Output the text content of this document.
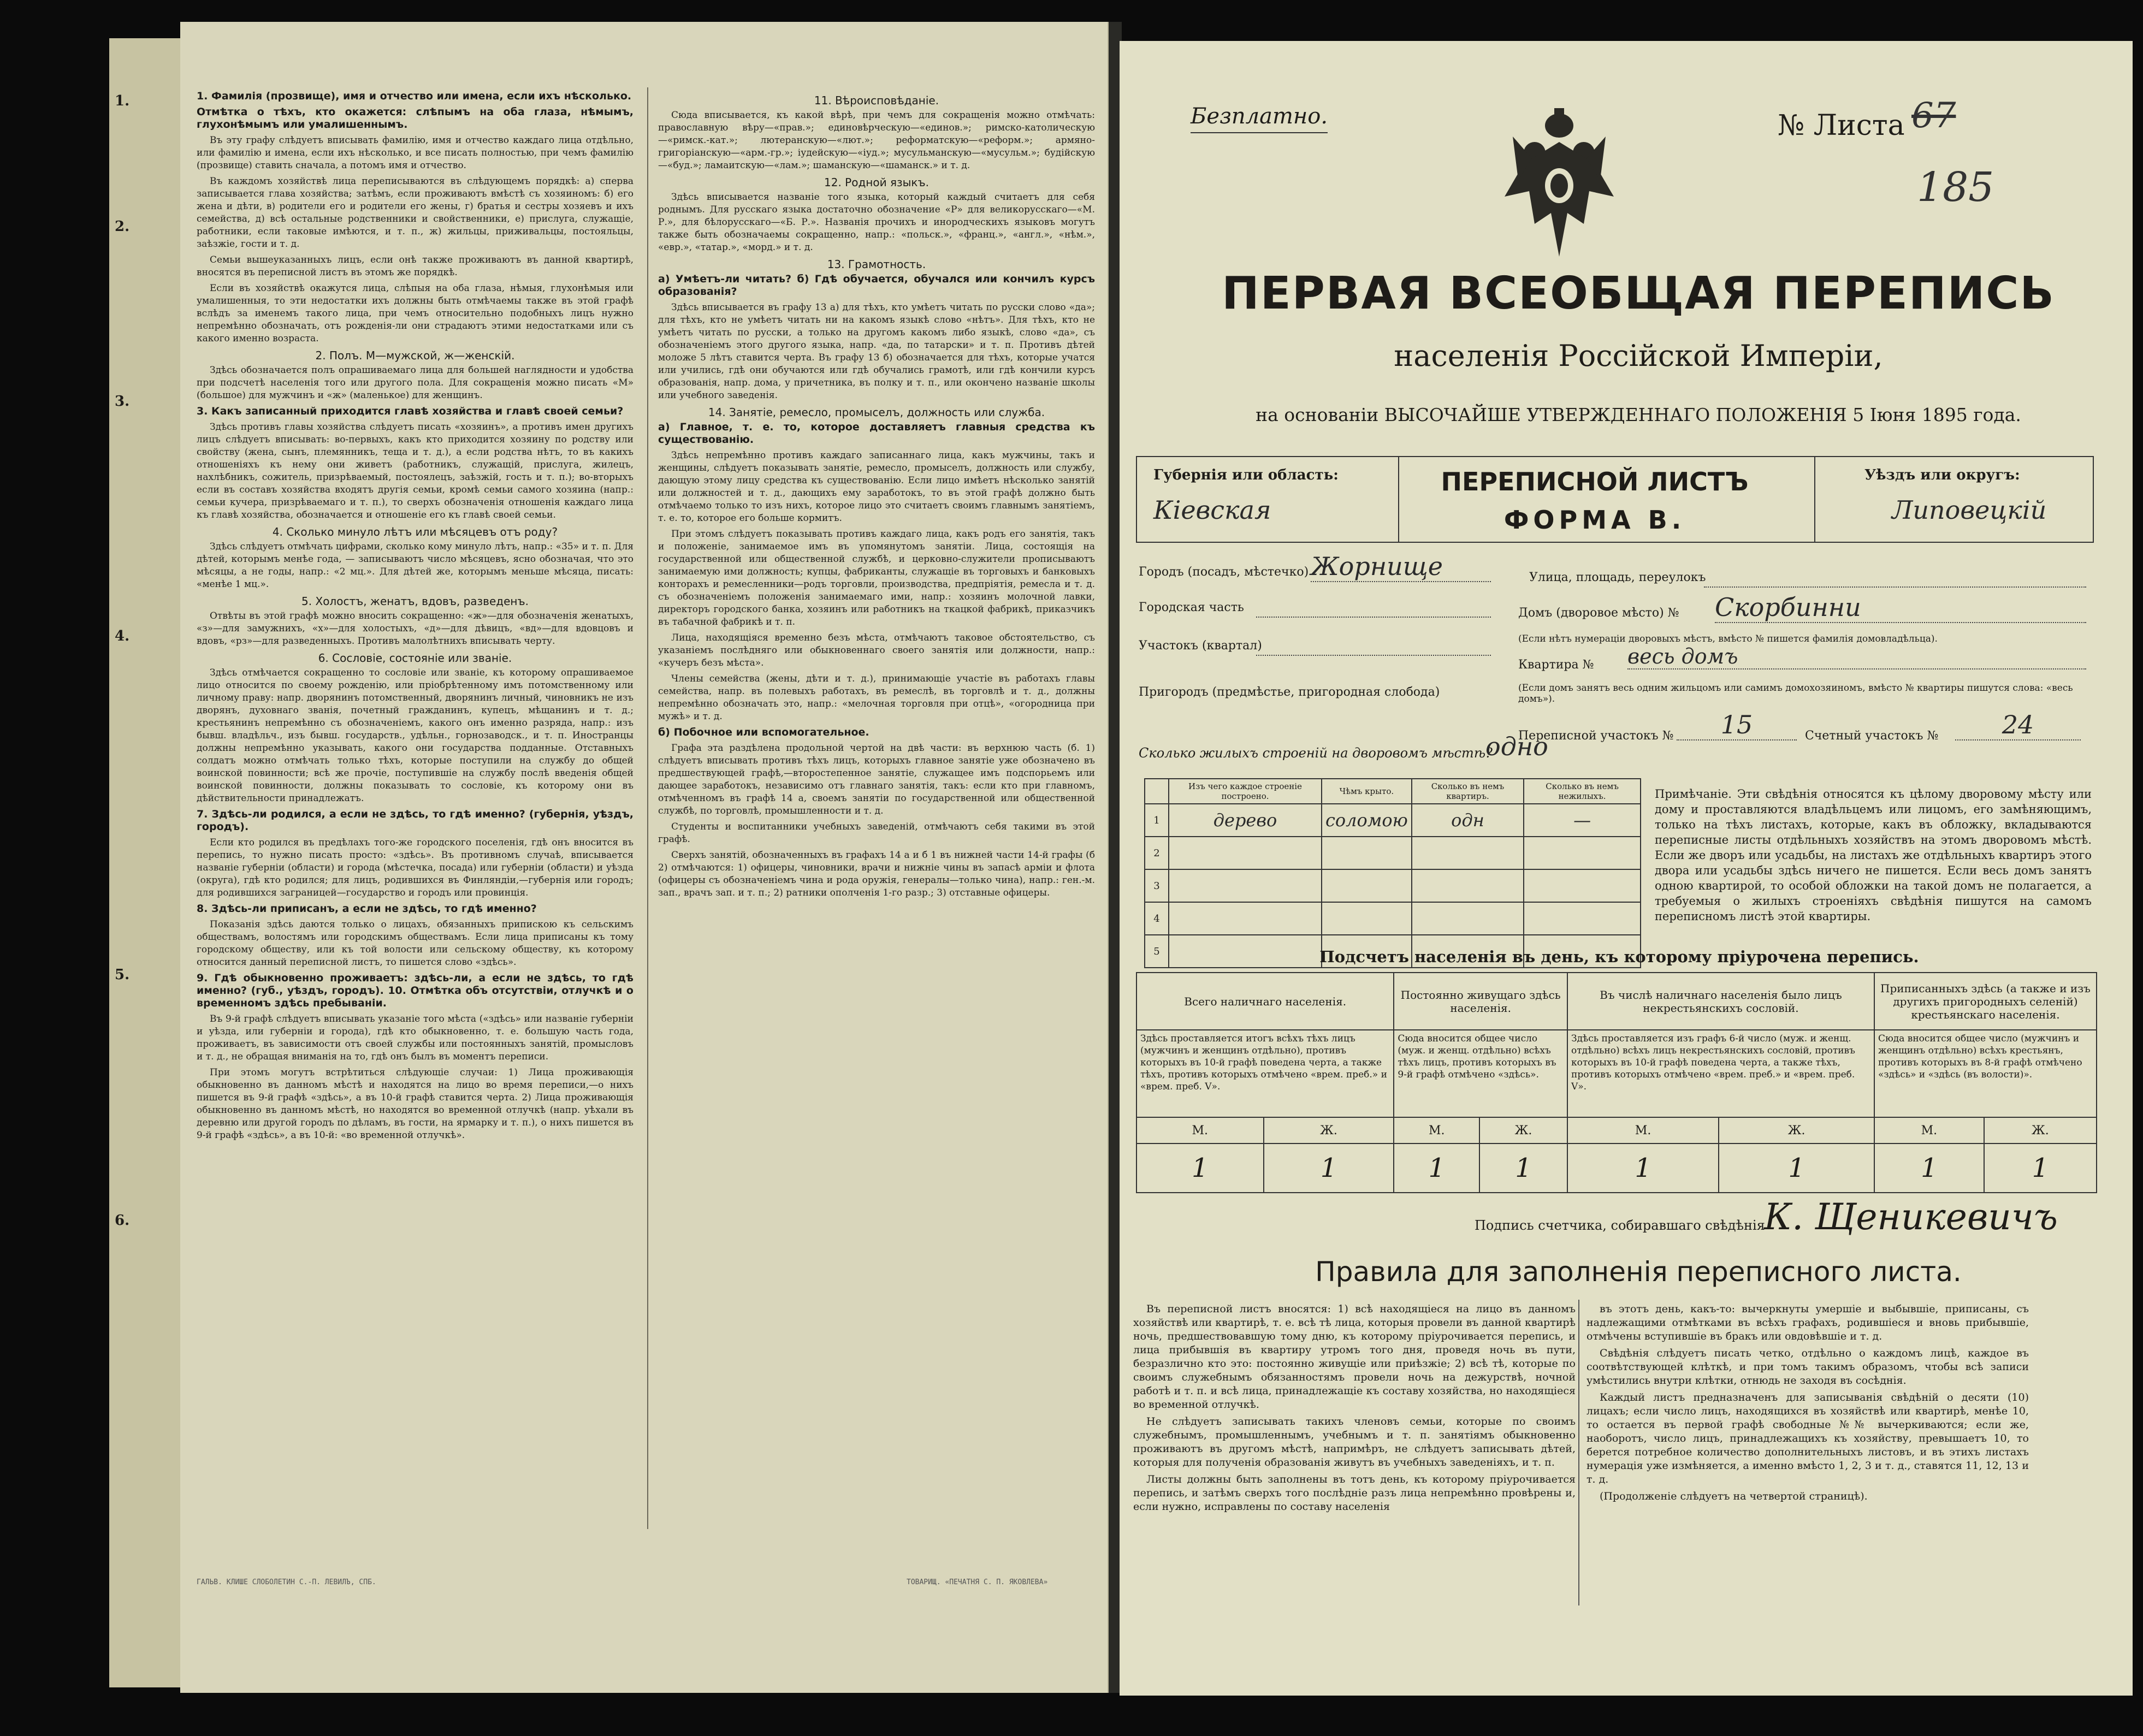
1.
2.
3.
4.
5.
6.

1. Фамилія (прозвище), имя и отчество или имена, если ихъ нѣсколько.

Отмѣтка о тѣхъ, кто окажется: слѣпымъ на оба глаза, нѣмымъ, глухонѣмымъ или умалишеннымъ.

Въ эту графу слѣдуетъ вписывать фамилію, имя и отчество каждаго лица отдѣльно, или фамилію и имена, если ихъ нѣсколько, и все писать полностью, при чемъ фамилію (прозвище) ставить сначала, а потомъ имя и отчество.

Въ каждомъ хозяйствѣ лица переписываются въ слѣдующемъ порядкѣ: а) сперва записывается глава хозяйства; затѣмъ, если проживаютъ вмѣстѣ съ хозяиномъ: б) его жена и дѣти, в) родители его и родители его жены, г) братья и сестры хозяевъ и ихъ семейства, д) всѣ остальные родственники и свойственники, е) прислуга, служащіе, работники, если таковые имѣются, и т. п., ж) жильцы, приживальцы, постояльцы, заѣзжіе, гости и т. д.

Семьи вышеуказанныхъ лицъ, если онѣ также проживаютъ въ данной квартирѣ, вносятся въ переписной листъ въ этомъ же порядкѣ.

Если въ хозяйствѣ окажутся лица, слѣпыя на оба глаза, нѣмыя, глухонѣмыя или умалишенныя, то эти недостатки ихъ должны быть отмѣчаемы также въ этой графѣ вслѣдъ за именемъ такого лица, при чемъ относительно подобныхъ лицъ нужно непремѣнно обозначать, отъ рожденія-ли они страдаютъ этими недостатками или съ какого именно возраста.

2. Полъ. М—мужской, ж—женскій.

Здѣсь обозначается полъ опрашиваемаго лица для большей наглядности и удобства при подсчетѣ населенія того или другого пола. Для сокращенія можно писать «М» (большое) для мужчинъ и «ж» (маленькое) для женщинъ.

3. Какъ записанный приходится главѣ хозяйства и главѣ своей семьи?

Здѣсь противъ главы хозяйства слѣдуетъ писать «хозяинъ», а противъ имен другихъ лицъ слѣдуетъ вписывать: во-первыхъ, какъ кто приходится хозяину по родству или свойству (жена, сынъ, племянникъ, теща и т. д.), а если родства нѣтъ, то въ какихъ отношеніяхъ къ нему они живетъ (работникъ, служащій, прислуга, жилецъ, нахлѣбникъ, сожитель, призрѣваемый, постоялецъ, заѣзжій, гость и т. п.); во-вторыхъ если въ составъ хозяйства входятъ другія семьи, кромѣ семьи самого хозяина (напр.: семьи кучера, призрѣваемаго и т. п.), то сверхъ обозначенія отношенія каждаго лица къ главѣ хозяйства, обозначается и отношеніе его къ главѣ своей семьи.

4. Сколько минуло лѣтъ или мѣсяцевъ отъ роду?

Здѣсь слѣдуетъ отмѣчать цифрами, сколько кому минуло лѣтъ, напр.: «35» и т. п. Для дѣтей, которымъ менѣе года, — записываютъ число мѣсяцевъ, ясно обозначая, что это мѣсяцы, а не годы, напр.: «2 мц.». Для дѣтей же, которымъ меньше мѣсяца, писать: «менѣе 1 мц.».

5. Холостъ, женатъ, вдовъ, разведенъ.

Отвѣты въ этой графѣ можно вносить сокращенно: «ж»—для обозначенія женатыхъ, «з»—для замужнихъ, «х»—для холостыхъ, «д»—для дѣвицъ, «вд»—для вдовцовъ и вдовъ, «рз»—для разведенныхъ. Противъ малолѣтнихъ вписывать черту.

6. Сословіе, состояніе или званіе.

Здѣсь отмѣчается сокращенно то сословіе или званіе, къ которому опрашиваемое лицо относится по своему рожденію, или пріобрѣтенному имъ потомственному или личному праву: напр. дворянинъ потомственный, дворянинъ личный, чиновникъ не изъ дворянъ, духовнаго званія, почетный гражданинъ, купецъ, мѣщанинъ и т. д.; крестьянинъ непремѣнно съ обозначеніемъ, какого онъ именно разряда, напр.: изъ бывш. владѣльч., изъ бывш. государств., удѣльн., горнозаводск., и т. п. Иностранцы должны непремѣнно указывать, какого они государства подданные. Отставныхъ солдатъ можно отмѣчать только тѣхъ, которые поступили на службу до общей воинской повинности; всѣ же прочіе, поступившіе на службу послѣ введенія общей воинской повинности, должны показывать то сословіе, къ которому они въ дѣйствительности принадлежатъ.

7. Здѣсь-ли родился, а если не здѣсь, то гдѣ именно? (губернія, уѣздъ, городъ).

Если кто родился въ предѣлахъ того-же городского поселенія, гдѣ онъ вносится въ перепись, то нужно писать просто: «здѣсь». Въ противномъ случаѣ, вписывается названіе губерніи (области) и города (мѣстечка, посада) или губерніи (области) и уѣзда (округа), гдѣ кто родился; для лицъ, родившихся въ Финляндіи,—губернія или городъ; для родившихся заграницей—государство и городъ или провинція.

8. Здѣсь-ли приписанъ, а если не здѣсь, то гдѣ именно?

Показанія здѣсь даются только о лицахъ, обязанныхъ припискою къ сельскимъ обществамъ, волостямъ или городскимъ обществамъ. Если лица приписаны къ тому городскому обществу, или къ той волости или сельскому обществу, къ которому относится данный переписной листъ, то пишется слово «здѣсь».

9. Гдѣ обыкновенно проживаетъ: здѣсь-ли, а если не здѣсь, то гдѣ именно? (губ., уѣздъ, городъ). 10. Отмѣтка объ отсутствіи, отлучкѣ и о временномъ здѣсь пребываніи.

Въ 9-й графѣ слѣдуетъ вписывать указаніе того мѣста («здѣсь» или названіе губерніи и уѣзда, или губерніи и города), гдѣ кто обыкновенно, т. е. большую часть года, проживаетъ, въ зависимости отъ своей службы или постоянныхъ занятій, промысловъ и т. д., не обращая вниманія на то, гдѣ онъ былъ въ моментъ переписи.

При этомъ могутъ встрѣтиться слѣдующіе случаи: 1) Лица проживающія обыкновенно въ данномъ мѣстѣ и находятся на лицо во время переписи,—о нихъ пишется въ 9-й графѣ «здѣсь», а въ 10-й графѣ ставится черта. 2) Лица проживающія обыкновенно въ данномъ мѣстѣ, но находятся во временной отлучкѣ (напр. уѣхали въ деревню или другой городъ по дѣламъ, въ гости, на ярмарку и т. п.), о нихъ пишется въ 9-й графѣ «здѣсь», а въ 10-й: «во временной отлучкѣ».

11. Вѣроисповѣданіе.

Сюда вписывается, къ какой вѣрѣ, при чемъ для сокращенія можно отмѣчать: православную вѣру—«прав.»; единовѣрческую—«единов.»; римско-католическую—«римск.-кат.»; лютеранскую—«лют.»; реформатскую—«реформ.»; армяно-григоріанскую—«арм.-гр.»; іудейскую—«іуд.»; мусульманскую—«мусульм.»; будійскую—«буд.»; ламаитскую—«лам.»; шаманскую—«шаманск.» и т. д.

12. Родной языкъ.

Здѣсь вписывается названіе того языка, который каждый считаетъ для себя роднымъ. Для русскаго языка достаточно обозначение «Р» для великорусскаго—«М. Р.», для бѣлорусскаго—«Б. Р.». Названія прочихъ и инородческихъ языковъ могутъ также быть обозначаемы сокращенно, напр.: «польск.», «франц.», «англ.», «нѣм.», «евр.», «татар.», «морд.» и т. д.

13. Грамотность.

а) Умѣетъ-ли читать? б) Гдѣ обучается, обучался или кончилъ курсъ образованія?

Здѣсь вписывается въ графу 13 а) для тѣхъ, кто умѣетъ читать по русски слово «да»; для тѣхъ, кто не умѣетъ читать ни на какомъ языкѣ слово «нѣтъ». Для тѣхъ, кто не умѣетъ читать по русски, а только на другомъ какомъ либо языкѣ, слово «да», съ обозначеніемъ этого другого языка, напр. «да, по татарски» и т. п. Противъ дѣтей моложе 5 лѣтъ ставится черта. Въ графу 13 б) обозначается для тѣхъ, которые учатся или учились, гдѣ они обучаются или гдѣ обучались грамотѣ, или гдѣ кончили курсъ образованія, напр. дома, у причетника, въ полку и т. п., или окончено названіе школы или учебного заведенія.

14. Занятіе, ремесло, промыселъ, должность или служба.

а) Главное, т. е. то, которое доставляетъ главныя средства къ существованію.

Здѣсь непремѣнно противъ каждаго записаннаго лица, какъ мужчины, такъ и женщины, слѣдуетъ показывать занятіе, ремесло, промыселъ, должность или службу, дающую этому лицу средства къ существованію. Если лицо имѣетъ нѣсколько занятій или должностей и т. д., дающихъ ему заработокъ, то въ этой графѣ должно быть отмѣчаемо только то изъ нихъ, которое лицо это считаетъ своимъ главнымъ занятіемъ, т. е. то, которое его больше кормитъ.

При этомъ слѣдуетъ показывать противъ каждаго лица, какъ родъ его занятія, такъ и положеніе, занимаемое имъ въ упомянутомъ занятіи. Лица, состоящія на государственной или общественной службѣ, и церковно-служители прописываютъ занимаемую ими должность; купцы, фабриканты, служащіе въ торговыхъ и банковыхъ конторахъ и ремесленники—родъ торговли, производства, предпріятія, ремесла и т. д. съ обозначеніемъ положенія занимаемаго ими, напр.: хозяинъ молочной лавки, директоръ городского банка, хозяинъ или работникъ на ткацкой фабрикѣ, приказчикъ въ табачной фабрикѣ и т. п.

Лица, находящіяся временно безъ мѣста, отмѣчаютъ таковое обстоятельство, съ указаніемъ послѣдняго или обыкновеннаго своего занятія или должности, напр.: «кучеръ безъ мѣста».

Члены семейства (жены, дѣти и т. д.), принимающіе участіе въ работахъ главы семейства, напр. въ полевыхъ работахъ, въ ремеслѣ, въ торговлѣ и т. д., должны непремѣнно обозначать это, напр.: «мелочная торговля при отцѣ», «огородница при мужѣ» и т. д.

б) Побочное или вспомогательное.

Графа эта раздѣлена продольной чертой на двѣ части: въ верхнюю часть (б. 1) слѣдуетъ вписывать противъ тѣхъ лицъ, которыхъ главное занятіе уже обозначено въ предшествующей графѣ,—второстепенное занятіе, служащее имъ подспорьемъ или дающее заработокъ, независимо отъ главнаго занятія, такъ: если кто при главномъ, отмѣченномъ въ графѣ 14 а, своемъ занятіи по государственной или общественной службѣ, по торговлѣ, промышленности и т. д.

Студенты и воспитанники учебныхъ заведеній, отмѣчаютъ себя такими въ этой графѣ.

Сверхъ занятій, обозначенныхъ въ графахъ 14 а и б 1 въ нижней части 14-й графы (б 2) отмѣчаются: 1) офицеры, чиновники, врачи и нижніе чины въ запасѣ арміи и флота (офицеры съ обозначеніемъ чина и рода оружія, генералы—только чина), напр.: ген.-м. зап., врачъ зап. и т. п.; 2) ратники ополченія 1-го разр.; 3) отставные офицеры.

ГАЛЬВ. КЛИШЕ СЛОБОЛЕТИН С.-П. ЛЕВИЛЪ, СПБ.	ТОВАРИЩ. «ПЕЧАТНЯ С. П. ЯКОВЛЕВА»
Безплатно.	№ Листа 67
185
ПЕРВАЯ ВСЕОБЩАЯ ПЕРЕПИСЬ
населенія Россійской Имперіи,
на основаніи ВЫСОЧАЙШЕ УТВЕРЖДЕННАГО ПОЛОЖЕНІЯ 5 Іюня 1895 года.
Губернія или область:
Кіевская
Уѣздъ или округъ:
Липовецкій
ПЕРЕПИСНОЙ ЛИСТЪ
ФОРМА В.
Городъ (посадъ, мѣстечко) Жорнище
Городская часть
Участокъ (квартал)
Пригородъ (предмѣстье, пригородная слобода)
Улица, площадь, переулокъ
Домъ (дворовое мѣсто) № Скорбинни
(Если нѣтъ нумераціи дворовыхъ мѣстъ, вмѣсто № пишется фамилія домовладѣльца).
Квартира № весь домъ
(Если домъ занятъ весь одним жильцомъ или самимъ домохозяиномъ, вмѣсто № квартиры пишутся слова: «весь домъ»).
Переписной участокъ №	15	Счетный участокъ №	24
Сколько жилыхъ строеній на дворовомъ мѣстѣ?
одно
	Изъ чего каждое строеніе построено.	Чѣмъ крыто.	Сколько въ немъ квартиръ.	Сколько въ немъ нежилыхъ.
1	дерево	соломою	одн	—
2				
3				
4				
5				
Примѣчаніе. Эти свѣдѣнія относятся къ цѣлому дворовому мѣсту или дому и проставляются владѣльцемъ или лицомъ, его замѣняющимъ, только на тѣхъ листахъ, которые, какъ въ обложку, вкладываются переписные листы отдѣльныхъ хозяйствъ на этомъ дворовомъ мѣстѣ. Если же дворъ или усадьбы, на листахъ же отдѣльныхъ квартиръ этого двора или усадьбы здѣсь ничего не пишется. Если весь домъ занятъ одною квартирой, то особой обложки на такой домъ не полагается, а требуемыя о жилыхъ строеніяхъ свѣдѣнія пишутся на самомъ переписномъ листѣ этой квартиры.
Подсчетъ населенія въ день, къ которому пріурочена перепись.
Всего наличнаго населенія.		Постоянно живущаго здѣсь населенія.		Въ числѣ наличнаго населенія было лицъ некрестьянскихъ сословій.		Приписанныхъ здѣсь (а также и изъ другихъ пригородныхъ селеній) крестьянскаго населенія.	
Здѣсь проставляется итогъ всѣхъ тѣхъ лицъ (мужчинъ и женщинъ отдѣльно), противъ которыхъ въ 10-й графѣ поведена черта, а также тѣхъ, противъ которыхъ отмѣчено «врем. преб.» и «врем. преб. V».		Сюда вносится общее число (муж. и женщ. отдѣльно) всѣхъ тѣхъ лицъ, противъ которыхъ въ 9-й графѣ отмѣчено «здѣсь».		Здѣсь проставляется изъ графъ 6-й число (муж. и женщ. отдѣльно) всѣхъ лицъ некрестьянскихъ сословій, противъ которыхъ въ 10-й графѣ поведена черта, а также тѣхъ, противъ которыхъ отмѣчено «врем. преб.» и «врем. преб. V».		Сюда вносится общее число (мужчинъ и женщинъ отдѣльно) всѣхъ крестьянъ, противъ которыхъ въ 8-й графѣ отмѣчено «здѣсь» и «здѣсь (въ волости)».	
М.	Ж.	М.	Ж.	М.	Ж.	М.	Ж.
1	1	1	1	1	1	1	1
Подпись счетчика, собиравшаго свѣдѣнія
К. Щеникевичъ
Правила для заполненія переписного листа.

Въ переписной листъ вносятся: 1) всѣ находящіеся на лицо въ данномъ хозяйствѣ или квартирѣ, т. е. всѣ тѣ лица, которыя провели въ данной квартирѣ ночь, предшествовавшую тому дню, къ которому пріурочивается перепись, и лица прибывшія въ квартиру утромъ того дня, проведя ночь въ пути, безразлично кто это: постоянно живущіе или приѣзжіе; 2) всѣ тѣ, которые по своимъ служебнымъ обязанностямъ провели ночь на дежурствѣ, ночной работѣ и т. п. и всѣ лица, принадлежащіе къ составу хозяйства, но находящіеся во временной отлучкѣ.

Не слѣдуетъ записывать такихъ членовъ семьи, которые по своимъ служебнымъ, промышленнымъ, учебнымъ и т. п. занятіямъ обыкновенно проживаютъ въ другомъ мѣстѣ, напримѣръ, не слѣдуетъ записывать дѣтей, которыя для полученія образованія живутъ въ учебныхъ заведеніяхъ, и т. п.

Листы должны быть заполнены въ тотъ день, къ которому пріурочивается перепись, и затѣмъ сверхъ того послѣдніе разъ лица непремѣнно провѣрены и, если нужно, исправлены по составу населенія

въ этотъ день, какъ-то: вычеркнуты умершіе и выбывшіе, приписаны, съ надлежащими отмѣтками въ всѣхъ графахъ, родившіеся и вновь прибывшіе, отмѣчены вступившіе въ бракъ или овдовѣвшіе и т. д.

Свѣдѣнія слѣдуетъ писать четко, отдѣльно о каждомъ лицѣ, каждое въ соотвѣтствующей клѣткѣ, и при томъ такимъ образомъ, чтобы всѣ записи умѣстились внутри клѣтки, отнюдь не заходя въ сосѣднія.

Каждый листъ предназначенъ для записыванія свѣдѣній о десяти (10) лицахъ; если число лицъ, находящихся въ хозяйствѣ или квартирѣ, менѣе 10, то остается въ первой графѣ свободные №№ вычеркиваются; если же, наоборотъ, число лицъ, принадлежащихъ къ хозяйству, превышаетъ 10, то берется потребное количество дополнительныхъ листовъ, и въ этихъ листахъ нумерація уже измѣняется, а именно вмѣсто 1, 2, 3 и т. д., ставятся 11, 12, 13 и т. д.

(Продолженіе слѣдуетъ на четвертой страницѣ).
